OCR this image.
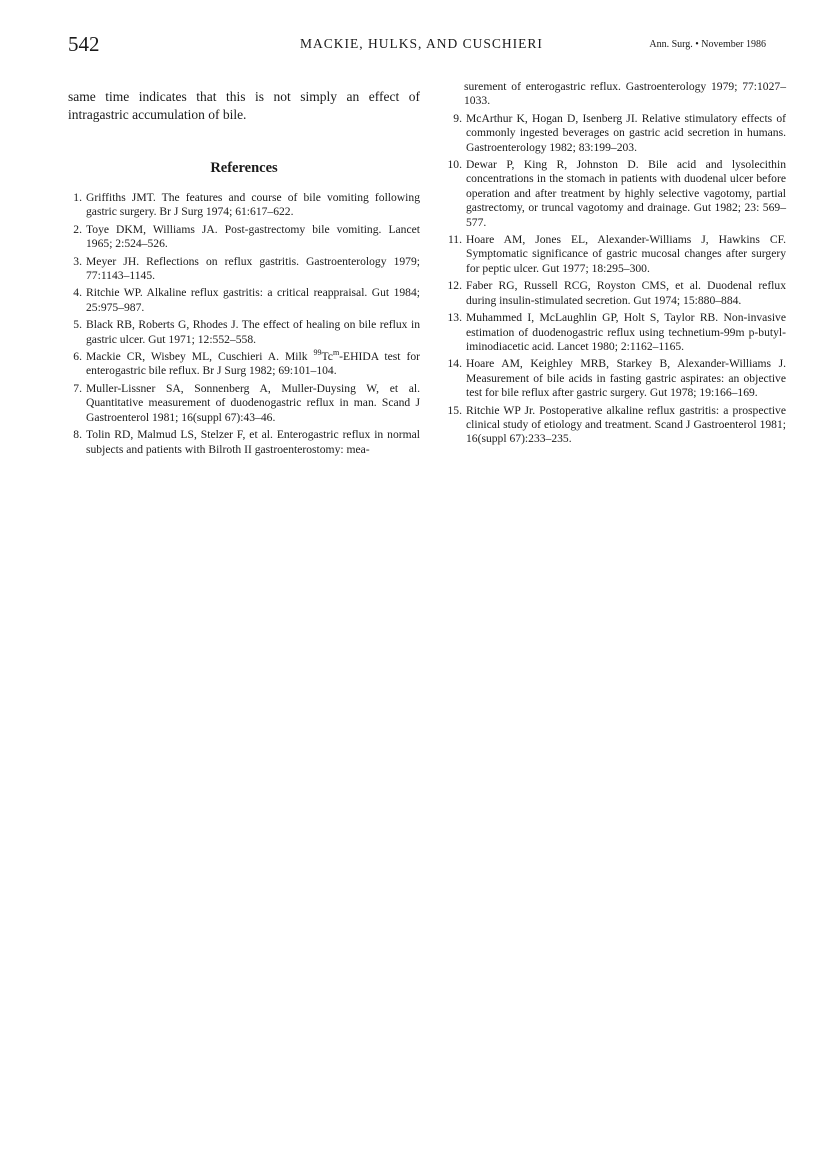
542	MACKIE, HULKS, AND CUSCHIERI	Ann. Surg. • November 1986

same time indicates that this is not simply an effect of intragastric accumulation of bile.

References
1. Griffiths JMT. The features and course of bile vomiting following gastric surgery. Br J Surg 1974; 61:617–622.
2. Toye DKM, Williams JA. Post-gastrectomy bile vomiting. Lancet 1965; 2:524–526.
3. Meyer JH. Reflections on reflux gastritis. Gastroenterology 1979; 77:1143–1145.
4. Ritchie WP. Alkaline reflux gastritis: a critical reappraisal. Gut 1984; 25:975–987.
5. Black RB, Roberts G, Rhodes J. The effect of healing on bile reflux in gastric ulcer. Gut 1971; 12:552–558.
6. Mackie CR, Wisbey ML, Cuschieri A. Milk $^{99}$Tc$^m$-EHIDA test for enterogastric bile reflux. Br J Surg 1982; 69:101–104.
7. Muller-Lissner SA, Sonnenberg A, Muller-Duysing W, et al. Quantitative measurement of duodenogastric reflux in man. Scand J Gastroenterol 1981; 16(suppl 67):43–46.
8. Tolin RD, Malmud LS, Stelzer F, et al. Enterogastric reflux in normal subjects and patients with Bilroth II gastroenterostomy: mea-

surement of enterogastric reflux. Gastroenterology 1979; 77:1027–1033.

9. McArthur K, Hogan D, Isenberg JI. Relative stimulatory effects of commonly ingested beverages on gastric acid secretion in humans. Gastroenterology 1982; 83:199–203.
10. Dewar P, King R, Johnston D. Bile acid and lysolecithin concentrations in the stomach in patients with duodenal ulcer before operation and after treatment by highly selective vagotomy, partial gastrectomy, or truncal vagotomy and drainage. Gut 1982; 23: 569–577.
11. Hoare AM, Jones EL, Alexander-Williams J, Hawkins CF. Symptomatic significance of gastric mucosal changes after surgery for peptic ulcer. Gut 1977; 18:295–300.
12. Faber RG, Russell RCG, Royston CMS, et al. Duodenal reflux during insulin-stimulated secretion. Gut 1974; 15:880–884.
13. Muhammed I, McLaughlin GP, Holt S, Taylor RB. Non-invasive estimation of duodenogastric reflux using technetium-99m p-butyl-iminodiacetic acid. Lancet 1980; 2:1162–1165.
14. Hoare AM, Keighley MRB, Starkey B, Alexander-Williams J. Measurement of bile acids in fasting gastric aspirates: an objective test for bile reflux after gastric surgery. Gut 1978; 19:166–169.
15. Ritchie WP Jr. Postoperative alkaline reflux gastritis: a prospective clinical study of etiology and treatment. Scand J Gastroenterol 1981; 16(suppl 67):233–235.
